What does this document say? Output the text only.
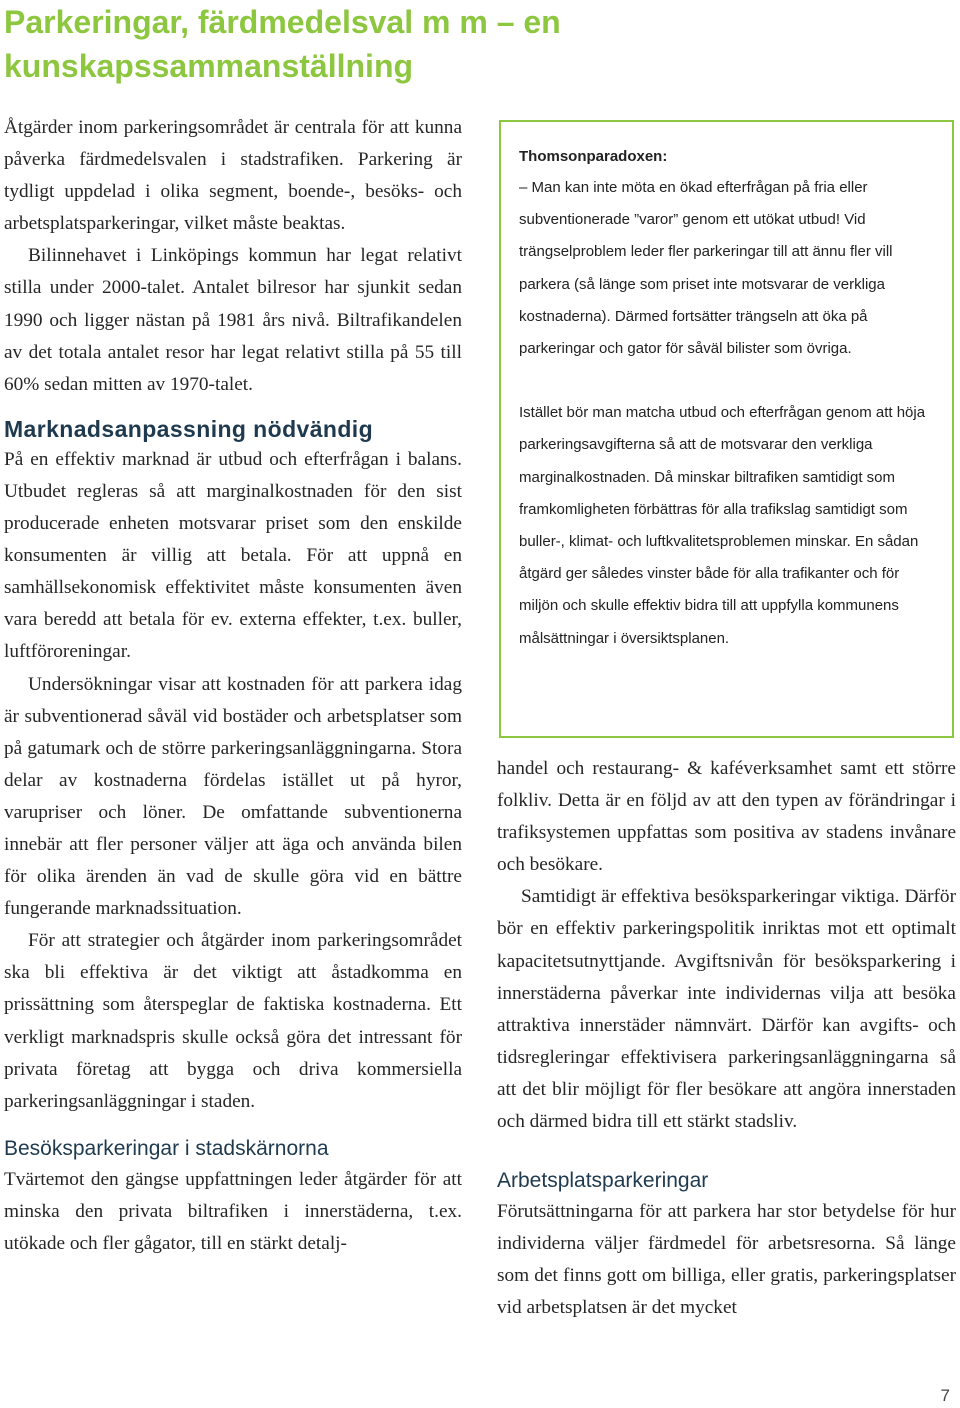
Parkeringar, färdmedelsval m m – en kunskapssammanställning

Åtgärder inom parkeringsområdet är centrala för att kunna påverka färdmedelsvalen i stadstrafiken. Parkering är tydligt uppdelad i olika segment, boende-, besöks- och arbetsplatsparkeringar, vilket måste beaktas.

Bilinnehavet i Linköpings kommun har legat relativt stilla under 2000-talet. Antalet bilresor har sjunkit sedan 1990 och ligger nästan på 1981 års nivå. Biltrafikandelen av det totala antalet resor har legat relativt stilla på 55 till 60% sedan mitten av 1970-talet.

Marknadsanpassning nödvändig

På en effektiv marknad är utbud och efterfrågan i balans. Utbudet regleras så att marginalkostnaden för den sist producerade enheten motsvarar priset som den enskilde konsumenten är villig att betala. För att uppnå en samhällsekonomisk effektivitet måste konsumenten även vara beredd att betala för ev. externa effekter, t.ex. buller, luftföroreningar.

Undersökningar visar att kostnaden för att parkera idag är subventionerad såväl vid bostäder och arbetsplatser som på gatumark och de större parkeringsanläggningarna. Stora delar av kostnaderna fördelas istället ut på hyror, varupriser och löner. De omfattande subventionerna innebär att fler personer väljer att äga och använda bilen för olika ärenden än vad de skulle göra vid en bättre fungerande marknadssituation.

För att strategier och åtgärder inom parkeringsområdet ska bli effektiva är det viktigt att åstadkomma en prissättning som återspeglar de faktiska kostnaderna. Ett verkligt marknadspris skulle också göra det intressant för privata företag att bygga och driva kommersiella parkeringsanläggningar i staden.

Besöksparkeringar i stadskärnorna

Tvärtemot den gängse uppfattningen leder åtgärder för att minska den privata biltrafiken i innerstäderna, t.ex. utökade och fler gågator, till en stärkt detalj-

Thomsonparadoxen:

– Man kan inte möta en ökad efterfrågan på fria eller subventionerade ”varor” genom ett utökat utbud! Vid trängselproblem leder fler parkeringar till att ännu fler vill parkera (så länge som priset inte motsvarar de verkliga kostnaderna). Därmed fortsätter trängseln att öka på parkeringar och gator för såväl bilister som övriga.

Istället bör man matcha utbud och efterfrågan genom att höja parkeringsavgifterna så att de motsvarar den verkliga marginalkostnaden. Då minskar biltrafiken samtidigt som framkomligheten förbättras för alla trafikslag samtidigt som buller-, klimat- och luftkvalitetsproblemen minskar. En sådan åtgärd ger således vinster både för alla trafikanter och för miljön och skulle effektiv bidra till att uppfylla kommunens målsättningar i översiktsplanen.

handel och restaurang- & kaféverksamhet samt ett större folkliv. Detta är en följd av att den typen av förändringar i trafiksystemen uppfattas som positiva av stadens invånare och besökare.

Samtidigt är effektiva besöksparkeringar viktiga. Därför bör en effektiv parkeringspolitik inriktas mot ett optimalt kapacitetsutnyttjande. Avgiftsnivån för besöksparkering i innerstäderna påverkar inte individernas vilja att besöka attraktiva innerstäder nämnvärt. Därför kan avgifts- och tidsregleringar effektivisera parkeringsanläggningarna så att det blir möjligt för fler besökare att angöra innerstaden och därmed bidra till ett stärkt stadsliv.

Arbetsplatsparkeringar

Förutsättningarna för att parkera har stor betydelse för hur individerna väljer färdmedel för arbetsresorna. Så länge som det finns gott om billiga, eller gratis, parkeringsplatser vid arbetsplatsen är det mycket

7
